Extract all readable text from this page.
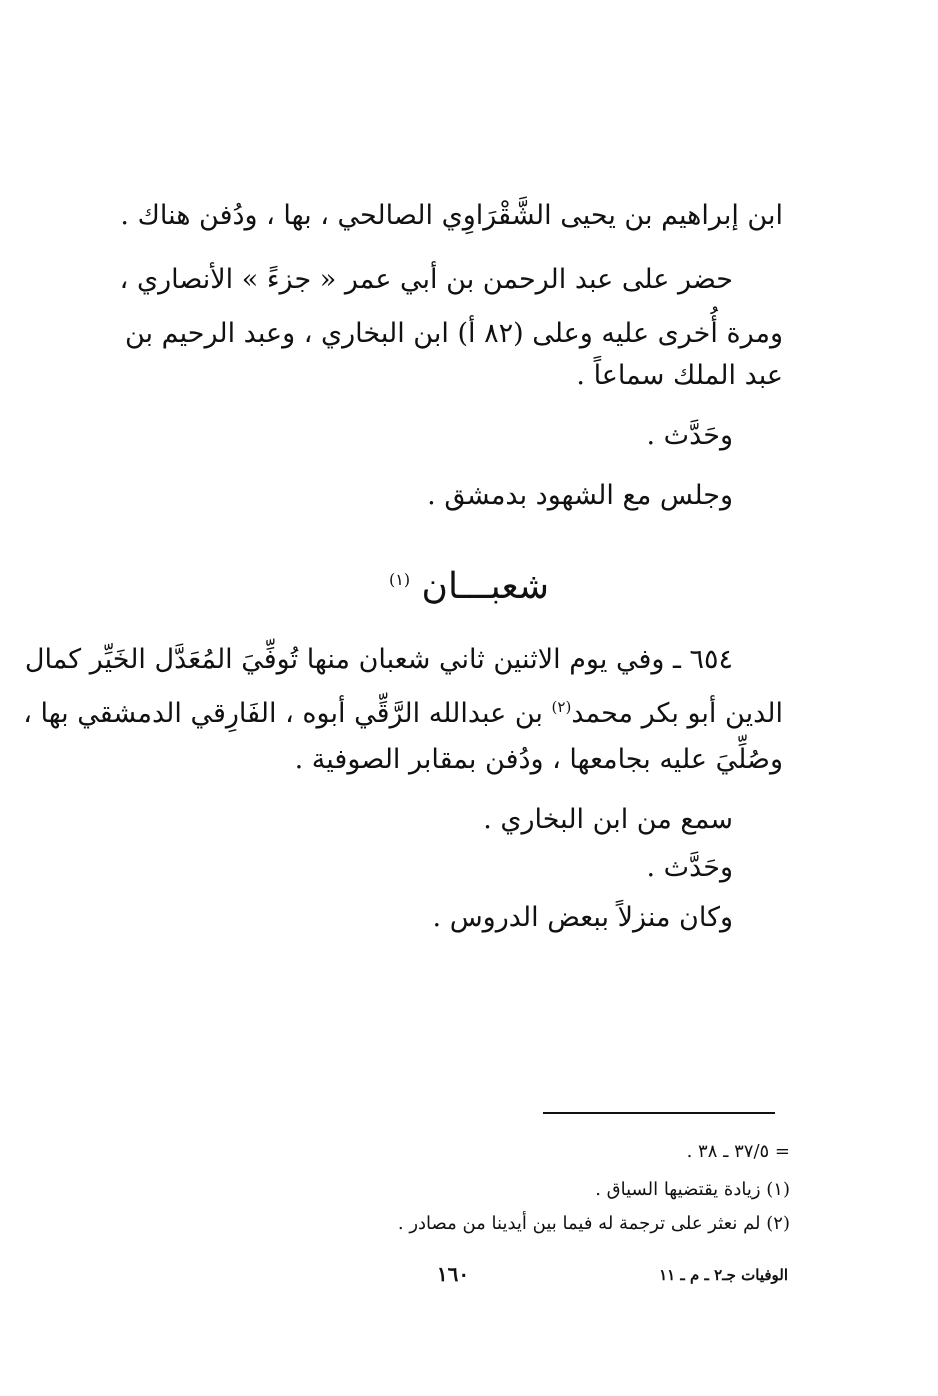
ابن إبراهيم بن يحيى الشَّقْرَاوِي الصالحي ، بها ، ودُفن هناك .
حضر على عبد الرحمن بن أبي عمر « جزءً » الأنصاري ،
ومرة أُخرى عليه وعلى (٨٢ أ) ابن البخاري ، وعبد الرحيم بن
عبد الملك سماعاً .
وحَدَّث .
وجلس مع الشهود بدمشق .
شعبـــان $^{(١)}$
٦٥٤ ـ وفي يوم الاثنين ثاني شعبان منها تُوفِّيَ المُعَدَّل الخَيِّر كمال
الدين أبو بكر محمد$^{(٢)}$ بن عبدالله الرَّقِّي أبوه ، الفَارِقي الدمشقي بها ،
وصُلِّيَ عليه بجامعها ، ودُفن بمقابر الصوفية .
سمع من ابن البخاري .
وحَدَّث .
وكان منزلاً ببعض الدروس .
= ٣٧/٥ ـ ٣٨ .
(١) زيادة يقتضيها السياق .
(٢) لم نعثر على ترجمة له فيما بين أيدينا من مصادر .
١٦٠	الوفيات جـ٢ ـ م ـ ١١
